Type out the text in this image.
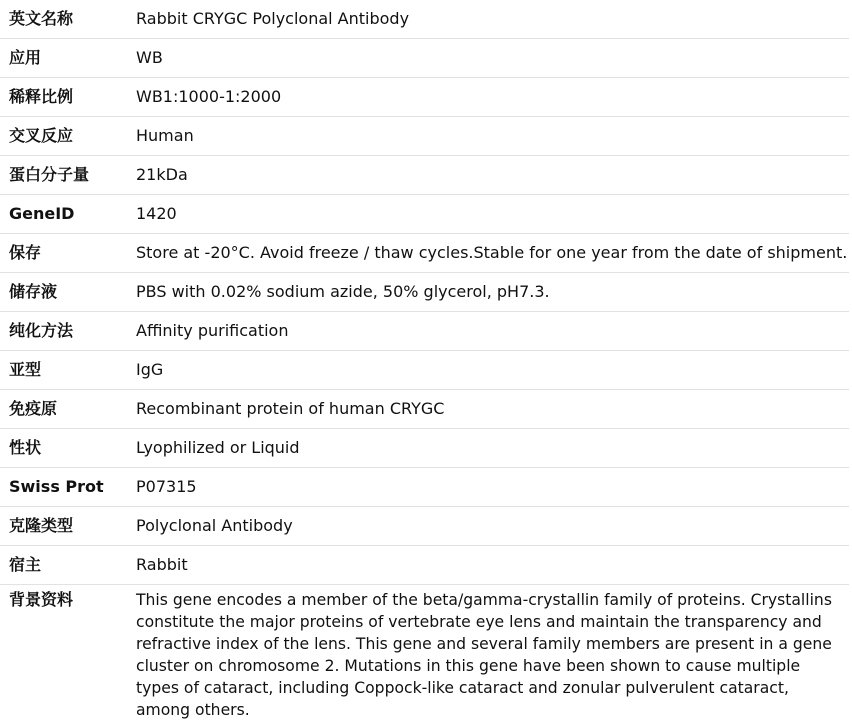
英文名称	Rabbit CRYGC Polyclonal Antibody
应用	WB
稀释比例	WB1:1000-1:2000
交叉反应	Human
蛋白分子量	21kDa
GeneID	1420
保存	Store at -20°C. Avoid freeze / thaw cycles.Stable for one year from the date of shipment.
储存液	PBS with 0.02% sodium azide, 50% glycerol, pH7.3.
纯化方法	Affinity purification
亚型	IgG
免疫原	Recombinant protein of human CRYGC
性状	Lyophilized or Liquid
Swiss Prot	P07315
克隆类型	Polyclonal Antibody
宿主	Rabbit
背景资料	This gene encodes a member of the beta/gamma-crystallin family of proteins. Crystallins constitute the major proteins of vertebrate eye lens and maintain the transparency and refractive index of the lens. This gene and several family members are present in a gene cluster on chromosome 2. Mutations in this gene have been shown to cause multiple types of cataract, including Coppock-like cataract and zonular pulverulent cataract, among others.
